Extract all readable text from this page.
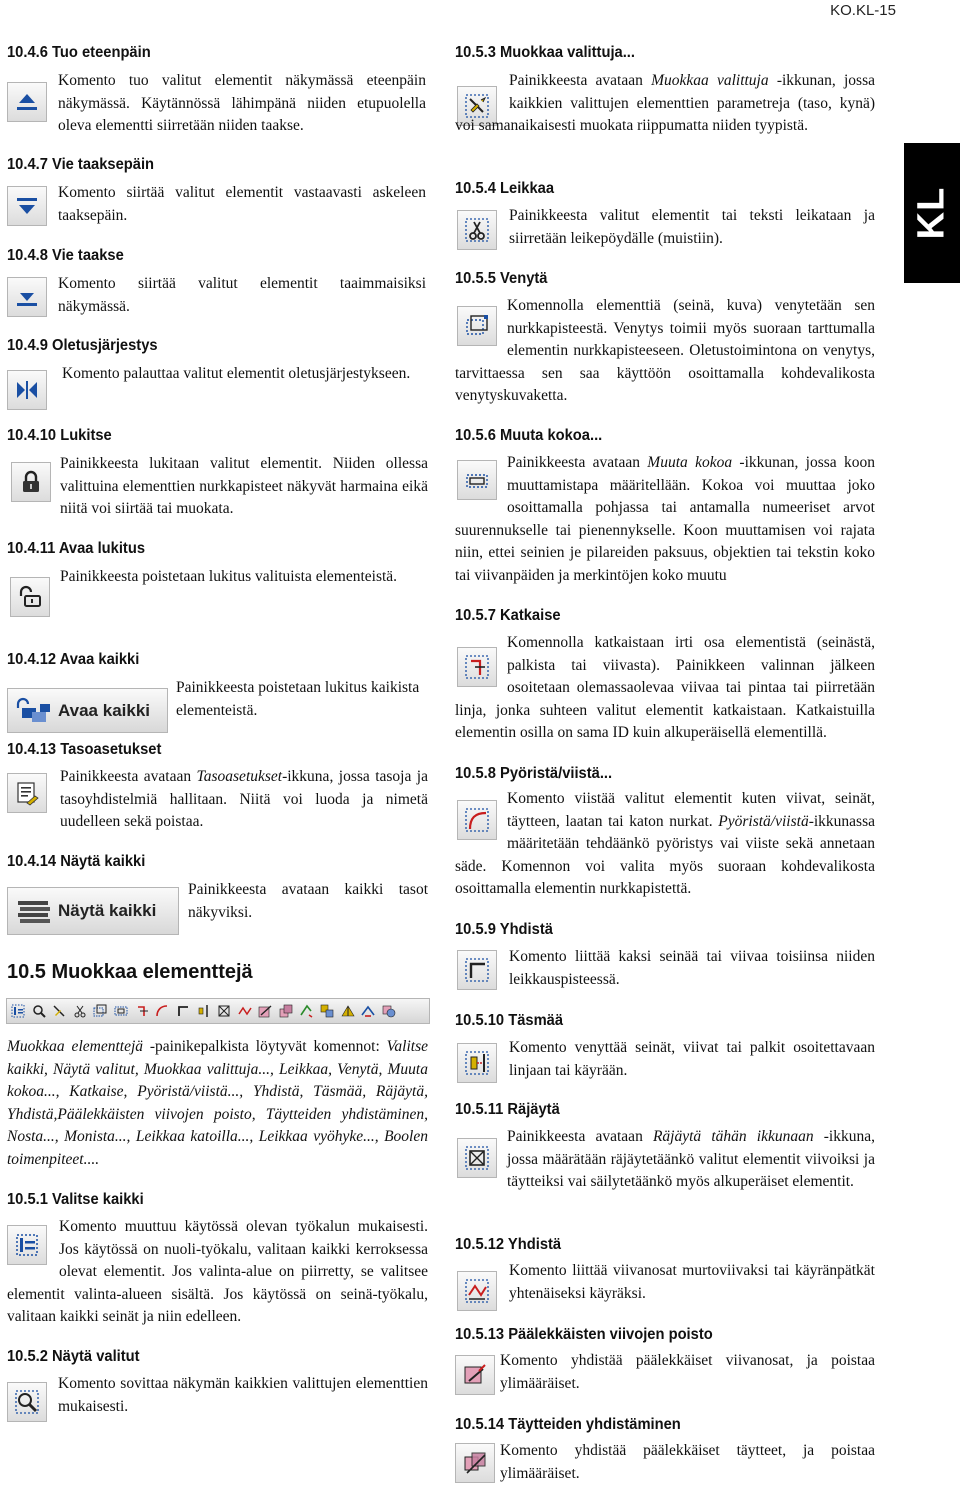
KO.KL-15
KL
10.4.6 Tuo eteenpäin
Komento tuo valitut elementit näkymässä eteenpäin näkymässä. Käytännössä lähimpänä niiden etupuolella oleva elementti siirretään niiden taakse.
10.4.7 Vie taaksepäin
Komento siirtää valitut elementit vastaavasti askeleen taaksepäin.
10.4.8 Vie taakse
Komento siirtää valitut elementit taaimmaisiksi näkymässä.
10.4.9 Oletusjärjestys
Komento palauttaa valitut elementit oletusjärjestykseen.
10.4.10 Lukitse
Painikkeesta lukitaan valitut elementit. Niiden ollessa valittuina elementtien nurkkapisteet näkyvät harmaina eikä niitä voi siirtää tai muokata.
10.4.11 Avaa lukitus
Painikkeesta poistetaan lukitus valituista elementeistä.
10.4.12 Avaa kaikki
Avaa kaikki
Painikkeesta poistetaan lukitus kaikista elementeistä.
10.4.13 Tasoasetukset
Painikkeesta avataan Tasoasetukset-ikkuna, jossa tasoja ja tasoyhdistelmiä hallitaan. Niitä voi luoda ja nimetä uudelleen sekä poistaa.
10.4.14 Näytä kaikki
Näytä kaikki
Painikkeesta avataan kaikki tasot näkyviksi.
10.5 Muokkaa elementtejä
Muokkaa elementtejä -painikepalkista löytyvät komennot: Valitse kaikki, Näytä valitut, Muokkaa valittuja..., Leikkaa, Venytä, Muuta kokoa..., Katkaise, Pyöristä/viistä..., Yhdistä, Täsmää, Räjäytä, Yhdistä,Päälekkäisten viivojen poisto, Täytteiden yhdistäminen, Nosta..., Monista..., Leikkaa katoilla..., Leikkaa vyöhyke..., Boolen toimenpiteet....
10.5.1 Valitse kaikki
Komento muuttuu käytössä olevan työkalun mukaisesti. Jos käytössä on nuoli-työkalu, valitaan kaikki kerroksessa olevat elementit. Jos valinta-alue on piirretty, se valitsee elementit valinta-alueen sisältä. Jos käytössä on seinä-työkalu, valitaan kaikki seinät ja niin edelleen.
10.5.2 Näytä valitut
Komento sovittaa näkymän kaikkien valittujen elementtien mukaisesti.
10.5.3 Muokkaa valittuja...
Painikkeesta avataan Muokkaa valittuja -ikkunan, jossa kaikkien valittujen elementtien parametreja (taso, kynä) voi samanaikaisesti muokata riippumatta niiden tyypistä.
10.5.4 Leikkaa
Painikkeesta valitut elementit tai teksti leikataan ja siirretään leikepöydälle (muistiin).
10.5.5 Venytä
Komennolla elementtiä (seinä, kuva) venytetään sen nurkkapisteestä. Venytys toimii myös suoraan tarttumalla elementin nurkkapisteeseen. Oletustoimintona on venytys, tarvittaessa sen saa käyttöön osoittamalla kohdevalikosta venytyskuvaketta.
10.5.6 Muuta kokoa...
Painikkeesta avataan Muuta kokoa -ikkunan, jossa koon muuttamistapa määritellään. Kokoa voi muuttaa joko osoittamalla pohjassa tai antamalla numeeriset arvot suurennukselle tai pienennykselle. Koon muuttamisen voi rajata niin, ettei seinien je pilareiden paksuus, objektien tai tekstin koko tai viivanpäiden ja merkintöjen koko muutu
10.5.7 Katkaise
Komennolla katkaistaan irti osa elementistä (seinästä, palkista tai viivasta). Painikkeen valinnan jälkeen osoitetaan olemassaolevaa viivaa tai pintaa tai piirretään linja, jonka suhteen valitut elementit katkaistaan. Katkaistuilla elementin osilla on sama ID kuin alkuperäisellä elementillä.
10.5.8 Pyöristä/viistä...
Komento viistää valitut elementit kuten viivat, seinät, täytteen, laatan tai katon nurkat. Pyöristä/viistä-ikkunassa määritetään tehdäänkö pyöristys vai viiste sekä annetaan säde. Komennon voi valita myös suoraan kohdevalikosta osoittamalla elementin nurkkapistettä.
10.5.9 Yhdistä
Komento liittää kaksi seinää tai viivaa toisiinsa niiden leikkauspisteessä.
10.5.10 Täsmää
Komento venyttää seinät, viivat tai palkit osoitettavaan linjaan tai käyrään.
10.5.11 Räjäytä
Painikkeesta avataan Räjäytä tähän ikkunaan -ikkuna, jossa määrätään räjäytetäänkö valitut elementit viivoiksi ja täytteiksi vai säilytetäänkö myös alkuperäiset elementit.
10.5.12 Yhdistä
Komento liittää viivanosat murtoviivaksi tai käyränpätkät yhtenäiseksi käyräksi.
10.5.13 Päälekkäisten viivojen poisto
Komento yhdistää päälekkäiset viivanosat, ja poistaa ylimääräiset.
10.5.14 Täytteiden yhdistäminen
Komento yhdistää päälekkäiset täytteet, ja poistaa ylimääräiset.
